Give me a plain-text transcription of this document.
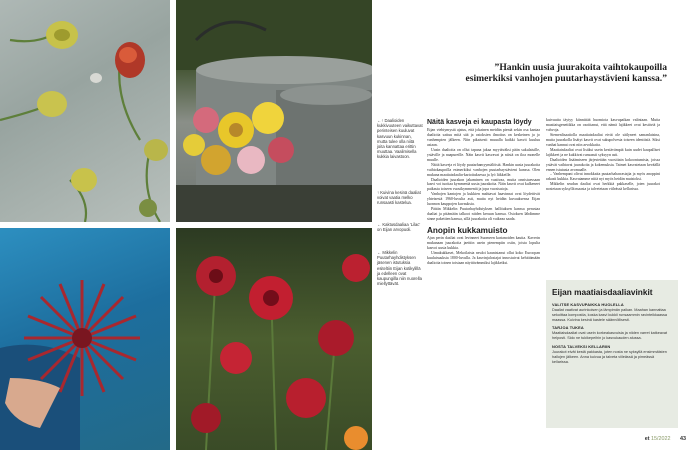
←↑ Daalioiden kukkivuuteen vaikuttavat perinteisen kuuluvat kasvuun kukinnan, mutta tulee olla niitä joita kannattaa erittin muuttaa. Vaalimisella kukkia laivastoon.
↑ Kuivina kesinä daaliat voivat vaatia melko runsaasti kastelua.
← Kaktusdaaliaa ’Lilac’ on Eijan arvopuoli.
← Mikkelin Puutarhayhdistyksen jäsenen istutuksia esiteltiin Eijan kotikylillä ja edelleen ovat kaupungilla niin nuorella miellyttävät.
”Hankin uusia juurakoita vaihtokaupoilla esimerkiksi vanhojen puutarhaystävieni kanssa.”
Näitä kasveja ei kaupasta löydy

Eijan viehtymystä ajatus, että jokainen meidän pieniä sekin osa kantaa daalioita sattuu mitä sää ja ostoksien ilmoitus on keskeinen ja jo vanhempien jälkeen. Niin pikaisesti muualla kaikki kasvit kuuluu asiaan.

Uusin daalioita on ollut tapana jakaa myytäväksi pään sukulaisille, ystäville ja naapureille. Näin kasvit kasvavat ja niistä on iloa monelle muulle.

Näitä kasveja ei löydy puutarhamyymälöistä. Hankin uusia juurakoita vaihtokaupoilla esimerkiksi vanhojen puutarhaystävieni kanssa. Olen mukana maatiaisdaalia-kartoituksessa ja lyö liikkeille.

Daalioiden juurakon jakaminen on vaativaa, mutta onnistuessaan kasvi voi tuottaa kymmeniä uusia juurakoita. Näin kasvit ovat kulkeneet paikasta toiseen vuosikymmeniä ja jopa vuosisatoja.

Vanhojen kantojen ja kukkien mahtavat haavinnat ovat löydettivät yhteisestä 1960-luvulta asti, mutta nyt heidän kuvauksensa Eijan luonnon kauppojen kuvauksia.

Päätin Mikkelin Puutarhayhdistyksen hallituksen kanssa perustaa daaliat ja pitämään talkoot niiden keruun kanssa. Ostoksen lähdimme sinne pakettien kanssa, sillä juurakoita oli vaikeaa saada.

Anopin kukkamuisto

Ajan perin daaliat ovat levinneet Suomeen kartanoiden kautta. Kaverin mukanaan juurakoita jaettiin usein pienempiin osiin, joista lopulta kasvoi uusia kukkia.

Uimakukkaset, Mekoilaista neuloi kaunistanut ollut koko Euroopan kuuluisuuksia 1800-luvulla. Ja kasvinjalostajat innostuivat kehittämään daalioita toinen toistaan näyttävämmiksi lajikkeiksi.

kuivuutta täytyy kiinnittää huomiota kasvupaikan valintaan. Mutta maatiaisgenetiikka on osoittanut, että nämä lajikkeet ovat kestäviä ja vahvoja.

Siemenlisaatiolla maatiaisdaaliat eivät ole säilyneet samanlaisina, mutta juurakolla lisätyt kasvit ovat sukupolvesta toiseen identtisiä. Siksi vanhat kannat ovat niin arvokkaita.

Maatiaisdaaliat ovat lisäksi usein kestävämpiä kuin uudet kaupalliset lajikkeet ja ne kukkivat runsaasti syksyyn asti.

Daalioiden lisäämiseen järjestetään vuosittain kokoontumisia, joissa ystävät vaihtavat juurakoita ja kokemuksia. Taimet kasvatetaan keväällä ennen istutusta avomaalle.

– Vanhempani olivat innokkaita puutarhaharrastajia ja myös anoppini rakasti kukkia. Kasvatamme niitä nyt myös heidän muistoksi.

Mikkelin seudun daaliat ovat herkkiä pakkaselle, joten juurakot nostetaan syksyllä maasta ja talvetetaan viileässä kellarissa.

Eijan maatiaisdaaliavinkit
VALITSE KASVUPAIKKA HUOLELLA

Daaliat vaativat aurinkoisen ja lämpimän paikan. Maahan kannattaa sekoittaa kompostia, koska kasvi kukkii runsaammin ravinteikkaassa maassa. Kuivina kesinä kastele säännöllisesti.

TARJOA TUKEA

Maatiaisdaaliat ovat usein korkeakasvuisia ja niiden varret katkeavat helposti. Sido ne tukikepeihin jo kasvukauden alussa.

NOSTA TALVEKSI KELLARIIN

Juurakot eivät kestä pakkasta, joten nosta ne syksyllä ensimmäisten hallojen jälkeen. Anna kuivua ja talveta viileässä ja pimeässä kellarissa.

et 15/2022 43
